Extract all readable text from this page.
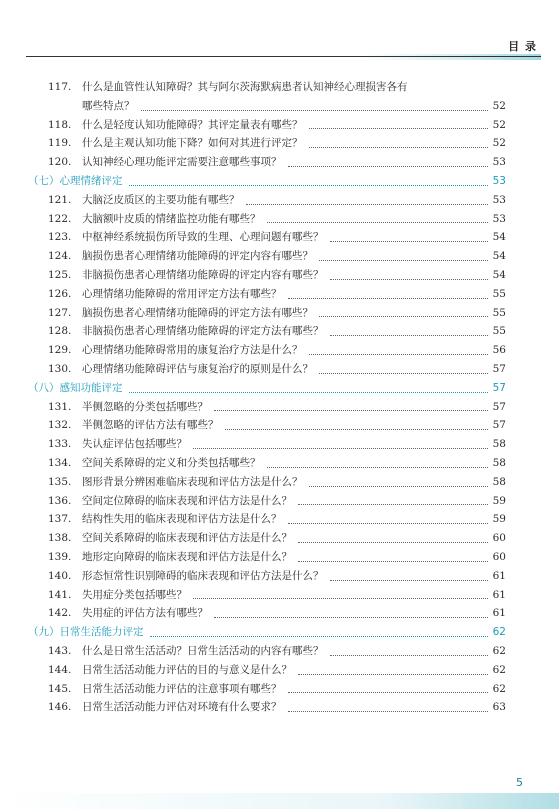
目 录
117.	什么是血管性认知障碍？其与阿尔茨海默病患者认知神经心理损害各有
哪些特点？	52
118.	什么是轻度认知功能障碍？其评定量表有哪些？	52
119.	什么是主观认知功能下降？如何对其进行评定？	52
120.	认知神经心理功能评定需要注意哪些事项？	53
（七）心理情绪评定	53
121.	大脑泛皮质区的主要功能有哪些？	53
122.	大脑额叶皮质的情绪监控功能有哪些？	53
123.	中枢神经系统损伤所导致的生理、心理问题有哪些？	54
124.	脑损伤患者心理情绪功能障碍的评定内容有哪些？	54
125.	非脑损伤患者心理情绪功能障碍的评定内容有哪些？	54
126.	心理情绪功能障碍的常用评定方法有哪些？	55
127.	脑损伤患者心理情绪功能障碍的评定方法有哪些？	55
128.	非脑损伤患者心理情绪功能障碍的评定方法有哪些？	55
129.	心理情绪功能障碍常用的康复治疗方法是什么？	56
130.	心理情绪功能障碍评估与康复治疗的原则是什么？	57
（八）感知功能评定	57
131.	半侧忽略的分类包括哪些？	57
132.	半侧忽略的评估方法有哪些？	57
133.	失认症评估包括哪些？	58
134.	空间关系障碍的定义和分类包括哪些？	58
135.	图形背景分辨困难临床表现和评估方法是什么？	58
136.	空间定位障碍的临床表现和评估方法是什么？	59
137.	结构性失用的临床表现和评估方法是什么？	59
138.	空间关系障碍的临床表现和评估方法是什么？	60
139.	地形定向障碍的临床表现和评估方法是什么？	60
140.	形态恒常性识别障碍的临床表现和评估方法是什么？	61
141.	失用症分类包括哪些？	61
142.	失用症的评估方法有哪些？	61
（九）日常生活能力评定	62
143.	什么是日常生活活动？日常生活活动的内容有哪些？	62
144.	日常生活活动能力评估的目的与意义是什么？	62
145.	日常生活活动能力评估的注意事项有哪些？	62
146.	日常生活活动能力评估对环境有什么要求？	63
5
